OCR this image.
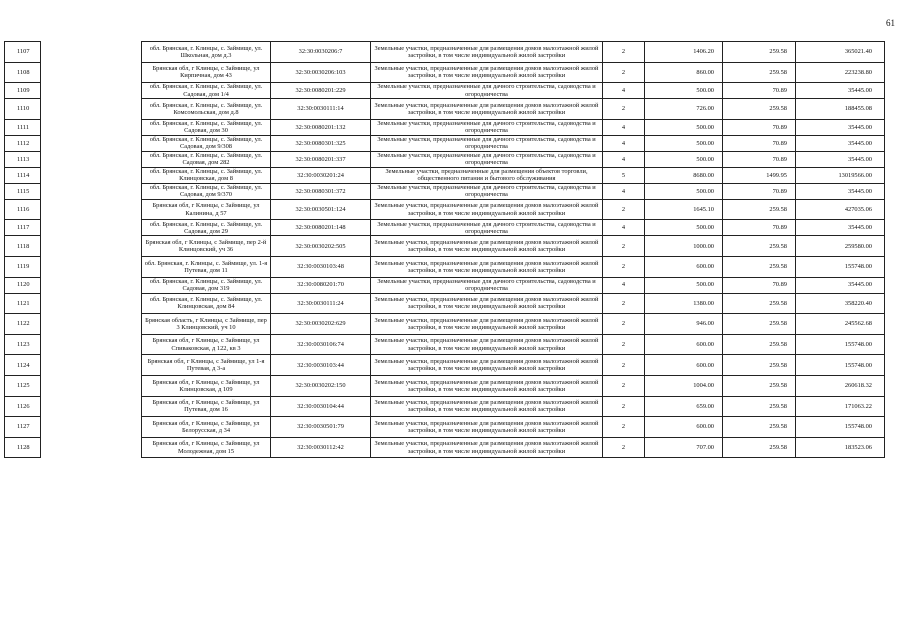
61
1107		обл. Брянская, г. Клинцы, с. Займище, ул. Школьная, дом д.3	32:30:0030206:7	Земельные участки, предназначенные для размещения домов малоэтажной жилой застройки, в том числе индивидуальной жилой застройки	2	1406.20	259.58	365021.40
1108		Брянская обл, г Клинцы, с Займище, ул Кирпичная, дом 43	32:30:0030206:103	Земельные участки, предназначенные для размещения домов малоэтажной жилой застройки, в том числе индивидуальной жилой застройки	2	860.00	259.58	223238.80
1109		обл. Брянская, г. Клинцы, с. Займище, ул. Садовая, дом 1/4	32:30:0080201:229	Земельные участки, предназначенные для дачного строительства, садоводства и огородничества	4	500.00	70.89	35445.00
1110		обл. Брянская, г. Клинцы, с. Займище, ул. Комсомольская, дом д.8	32:30:0030111:14	Земельные участки, предназначенные для размещения домов малоэтажной жилой застройки, в том числе индивидуальной жилой застройки	2	726.00	259.58	188455.08
1111		обл. Брянская, г. Клинцы, с. Займище, ул. Садовая, дом 30	32:30:0080201:132	Земельные участки, предназначенные для дачного строительства, садоводства и огородничества	4	500.00	70.89	35445.00
1112		обл. Брянская, г. Клинцы, с. Займище, ул. Садовая, дом 9/308	32:30:0080301:325	Земельные участки, предназначенные для дачного строительства, садоводства и огородничества	4	500.00	70.89	35445.00
1113		обл. Брянская, г. Клинцы, с. Займище, ул. Садовая, дом 282	32:30:0080201:337	Земельные участки, предназначенные для дачного строительства, садоводства и огородничества	4	500.00	70.89	35445.00
1114		обл. Брянская, г. Клинцы, с. Займище, ул. Клинцовская, дом 8	32:30:0030201:24	Земельные участки, предназначенные для размещения объектов торговли, общественного питания и бытового обслуживания	5	8680.00	1499.95	13019566.00
1115		обл. Брянская, г. Клинцы, с. Займище, ул. Садовая, дом 9/370	32:30:0080301:372	Земельные участки, предназначенные для дачного строительства, садоводства и огородничества	4	500.00	70.89	35445.00
1116		Брянская обл, г Клинцы, с Займище, ул Калинина, д 57	32:30:0030501:124	Земельные участки, предназначенные для размещения домов малоэтажной жилой застройки, в том числе индивидуальной жилой застройки	2	1645.10	259.58	427035.06
1117		обл. Брянская, г. Клинцы, с. Займище, ул. Садовая, дом 29	32:30:0080201:148	Земельные участки, предназначенные для дачного строительства, садоводства и огородничества	4	500.00	70.89	35445.00
1118		Брянская обл, г Клинцы, с Займище, пер 2-й Клинцовский, уч 36	32:30:0030202:505	Земельные участки, предназначенные для размещения домов малоэтажной жилой застройки, в том числе индивидуальной жилой застройки	2	1000.00	259.58	259580.00
1119		обл. Брянская, г. Клинцы, с. Займище, ул. 1-я Путевая, дом 11	32:30:0030103:48	Земельные участки, предназначенные для размещения домов малоэтажной жилой застройки, в том числе индивидуальной жилой застройки	2	600.00	259.58	155748.00
1120		обл. Брянская, г. Клинцы, с. Займище, ул. Садовая, дом 319	32:30:0080201:70	Земельные участки, предназначенные для дачного строительства, садоводства и огородничества	4	500.00	70.89	35445.00
1121		обл. Брянская, г. Клинцы, с. Займище, ул. Клинцовская, дом 84	32:30:0030111:24	Земельные участки, предназначенные для размещения домов малоэтажной жилой застройки, в том числе индивидуальной жилой застройки	2	1380.00	259.58	358220.40
1122		Брянская область, г Клинцы, с Займище, пер 3 Клинцовский, уч 10	32:30:0030202:629	Земельные участки, предназначенные для размещения домов малоэтажной жилой застройки, в том числе индивидуальной жилой застройки	2	946.00	259.58	245562.68
1123		Брянская обл, г Клинцы, с Займище, ул Спиваковская, д 122, кв 3	32:30:0030106:74	Земельные участки, предназначенные для размещения домов малоэтажной жилой застройки, в том числе индивидуальной жилой застройки	2	600.00	259.58	155748.00
1124		Брянская обл, г Клинцы, с Займище, ул 1-я Путевая, д 3-а	32:30:0030103:44	Земельные участки, предназначенные для размещения домов малоэтажной жилой застройки, в том числе индивидуальной жилой застройки	2	600.00	259.58	155748.00
1125		Брянская обл, г Клинцы, с Займище, ул Клинцовская, д 109	32:30:0030202:150	Земельные участки, предназначенные для размещения домов малоэтажной жилой застройки, в том числе индивидуальной жилой застройки	2	1004.00	259.58	260618.32
1126		Брянская обл, г Клинцы, с Займище, ул Путевая, дом 16	32:30:0030104:44	Земельные участки, предназначенные для размещения домов малоэтажной жилой застройки, в том числе индивидуальной жилой застройки	2	659.00	259.58	171063.22
1127		Брянская обл, г Клинцы, с Займище, ул Белорусская, д 34	32:30:0030501:79	Земельные участки, предназначенные для размещения домов малоэтажной жилой застройки, в том числе индивидуальной жилой застройки	2	600.00	259.58	155748.00
1128		Брянская обл, г Клинцы, с Займище, ул Молодежная, дом 15	32:30:0030112:42	Земельные участки, предназначенные для размещения домов малоэтажной жилой застройки, в том числе индивидуальной жилой застройки	2	707.00	259.58	183523.06
